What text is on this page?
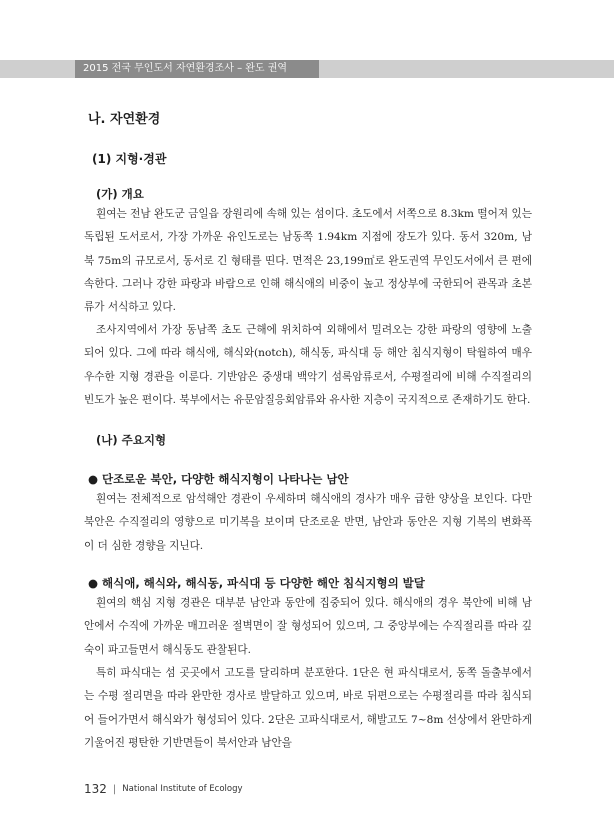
2015 전국 무인도서 자연환경조사 – 완도 권역
나. 자연환경
(1) 지형·경관
(가) 개요

흰여는 전남 완도군 금일읍 장원리에 속해 있는 섬이다. 초도에서 서쪽으로 8.3km 떨어져 있는 독립된 도서로서, 가장 가까운 유인도로는 남동쪽 1.94km 지점에 장도가 있다. 동서 320m, 남북 75m의 규모로서, 동서로 긴 형태를 띤다. 면적은 23,199㎡로 완도권역 무인도서에서 큰 편에 속한다. 그러나 강한 파랑과 바람으로 인해 해식애의 비중이 높고 정상부에 국한되어 관목과 초본류가 서식하고 있다.

조사지역에서 가장 동남쪽 초도 근해에 위치하여 외해에서 밀려오는 강한 파랑의 영향에 노출되어 있다. 그에 따라 해식애, 해식와(notch), 해식동, 파식대 등 해안 침식지형이 탁월하여 매우 우수한 지형 경관을 이룬다. 기반암은 중생대 백악기 섬록암류로서, 수평절리에 비해 수직절리의 빈도가 높은 편이다. 북부에서는 유문암질응회암류와 유사한 지층이 국지적으로 존재하기도 한다.

(나) 주요지형
● 단조로운 북안, 다양한 해식지형이 나타나는 남안

흰여는 전체적으로 암석해안 경관이 우세하며 해식애의 경사가 매우 급한 양상을 보인다. 다만 북안은 수직절리의 영향으로 미기복을 보이며 단조로운 반면, 남안과 동안은 지형 기복의 변화폭이 더 심한 경향을 지닌다.

● 해식애, 해식와, 해식동, 파식대 등 다양한 해안 침식지형의 발달

흰여의 핵심 지형 경관은 대부분 남안과 동안에 집중되어 있다. 해식애의 경우 북안에 비해 남안에서 수직에 가까운 매끄러운 절벽면이 잘 형성되어 있으며, 그 중앙부에는 수직절리를 따라 깊숙이 파고들면서 해식동도 관찰된다.

특히 파식대는 섬 곳곳에서 고도를 달리하며 분포한다. 1단은 현 파식대로서, 동쪽 돌출부에서는 수평 절리면을 따라 완만한 경사로 발달하고 있으며, 바로 뒤편으로는 수평절리를 따라 침식되어 들어가면서 해식와가 형성되어 있다. 2단은 고파식대로서, 해발고도 7~8m 선상에서 완만하게 기울어진 평탄한 기반면들이 북서안과 남안을

132 | National Institute of Ecology
